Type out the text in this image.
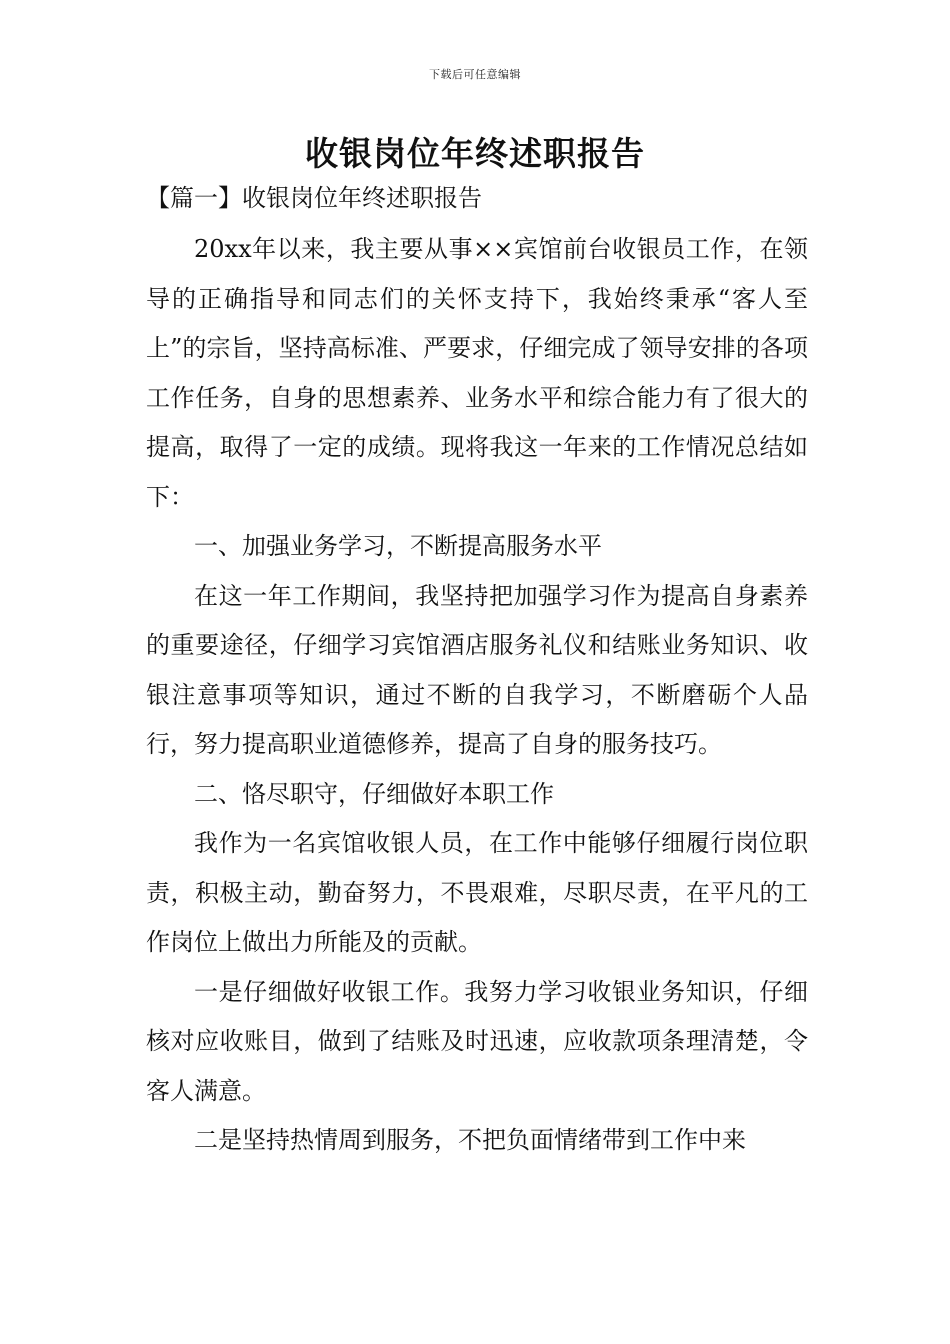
下载后可任意编辑
收银岗位年终述职报告
【篇一】收银岗位年终述职报告

20xx年以来，我主要从事××宾馆前台收银员工作，在领导的正确指导和同志们的关怀支持下，我始终秉承“客人至上”的宗旨，坚持高标准、严要求，仔细完成了领导安排的各项工作任务，自身的思想素养、业务水平和综合能力有了很大的提高，取得了一定的成绩。现将我这一年来的工作情况总结如下：

一、加强业务学习，不断提高服务水平

在这一年工作期间，我坚持把加强学习作为提高自身素养的重要途径，仔细学习宾馆酒店服务礼仪和结账业务知识、收银注意事项等知识，通过不断的自我学习，不断磨砺个人品行，努力提高职业道德修养，提高了自身的服务技巧。

二、恪尽职守，仔细做好本职工作

我作为一名宾馆收银人员，在工作中能够仔细履行岗位职责，积极主动，勤奋努力，不畏艰难，尽职尽责，在平凡的工作岗位上做出力所能及的贡献。

一是仔细做好收银工作。我努力学习收银业务知识，仔细核对应收账目，做到了结账及时迅速，应收款项条理清楚，令客人满意。

二是坚持热情周到服务，不把负面情绪带到工作中来
